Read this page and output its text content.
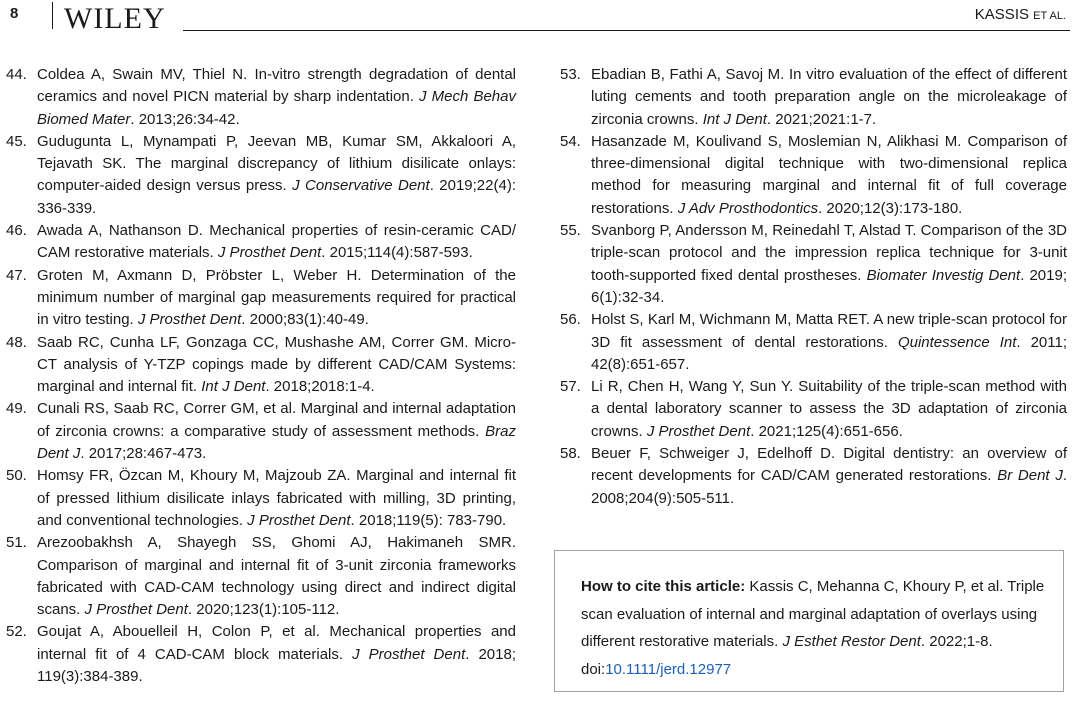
8 WILEY	KASSIS ET AL.
44. Coldea A, Swain MV, Thiel N. In-vitro strength degradation of dental ceramics and novel PICN material by sharp indentation. J Mech Behav Biomed Mater. 2013;26:34-42.
45. Gudugunta L, Mynampati P, Jeevan MB, Kumar SM, Akkaloori A, Tejavath SK. The marginal discrepancy of lithium disilicate onlays: computer-aided design versus press. J Conservative Dent. 2019;22(4): 336-339.
46. Awada A, Nathanson D. Mechanical properties of resin-ceramic CAD/ CAM restorative materials. J Prosthet Dent. 2015;114(4):587-593.
47. Groten M, Axmann D, Pröbster L, Weber H. Determination of the minimum number of marginal gap measurements required for practical in vitro testing. J Prosthet Dent. 2000;83(1):40-49.
48. Saab RC, Cunha LF, Gonzaga CC, Mushashe AM, Correr GM. Micro-CT analysis of Y-TZP copings made by different CAD/CAM Systems: marginal and internal fit. Int J Dent. 2018;2018:1-4.
49. Cunali RS, Saab RC, Correr GM, et al. Marginal and internal adaptation of zirconia crowns: a comparative study of assessment methods. Braz Dent J. 2017;28:467-473.
50. Homsy FR, Özcan M, Khoury M, Majzoub ZA. Marginal and internal fit of pressed lithium disilicate inlays fabricated with milling, 3D printing, and conventional technologies. J Prosthet Dent. 2018;119(5): 783-790.
51. Arezoobakhsh A, Shayegh SS, Ghomi AJ, Hakimaneh SMR. Comparison of marginal and internal fit of 3-unit zirconia frameworks fabricated with CAD-CAM technology using direct and indirect digital scans. J Prosthet Dent. 2020;123(1):105-112.
52. Goujat A, Abouelleil H, Colon P, et al. Mechanical properties and internal fit of 4 CAD-CAM block materials. J Prosthet Dent. 2018; 119(3):384-389.
53. Ebadian B, Fathi A, Savoj M. In vitro evaluation of the effect of different luting cements and tooth preparation angle on the microleakage of zirconia crowns. Int J Dent. 2021;2021:1-7.
54. Hasanzade M, Koulivand S, Moslemian N, Alikhasi M. Comparison of three-dimensional digital technique with two-dimensional replica method for measuring marginal and internal fit of full coverage restorations. J Adv Prosthodontics. 2020;12(3):173-180.
55. Svanborg P, Andersson M, Reinedahl T, Alstad T. Comparison of the 3D triple-scan protocol and the impression replica technique for 3-unit tooth-supported fixed dental prostheses. Biomater Investig Dent. 2019; 6(1):32-34.
56. Holst S, Karl M, Wichmann M, Matta RET. A new triple-scan protocol for 3D fit assessment of dental restorations. Quintessence Int. 2011; 42(8):651-657.
57. Li R, Chen H, Wang Y, Sun Y. Suitability of the triple-scan method with a dental laboratory scanner to assess the 3D adaptation of zirconia crowns. J Prosthet Dent. 2021;125(4):651-656.
58. Beuer F, Schweiger J, Edelhoff D. Digital dentistry: an overview of recent developments for CAD/CAM generated restorations. Br Dent J. 2008;204(9):505-511.
How to cite this article: Kassis C, Mehanna C, Khoury P, et al. Triple scan evaluation of internal and marginal adaptation of overlays using different restorative materials. J Esthet Restor Dent. 2022;1-8. doi:10.1111/jerd.12977
